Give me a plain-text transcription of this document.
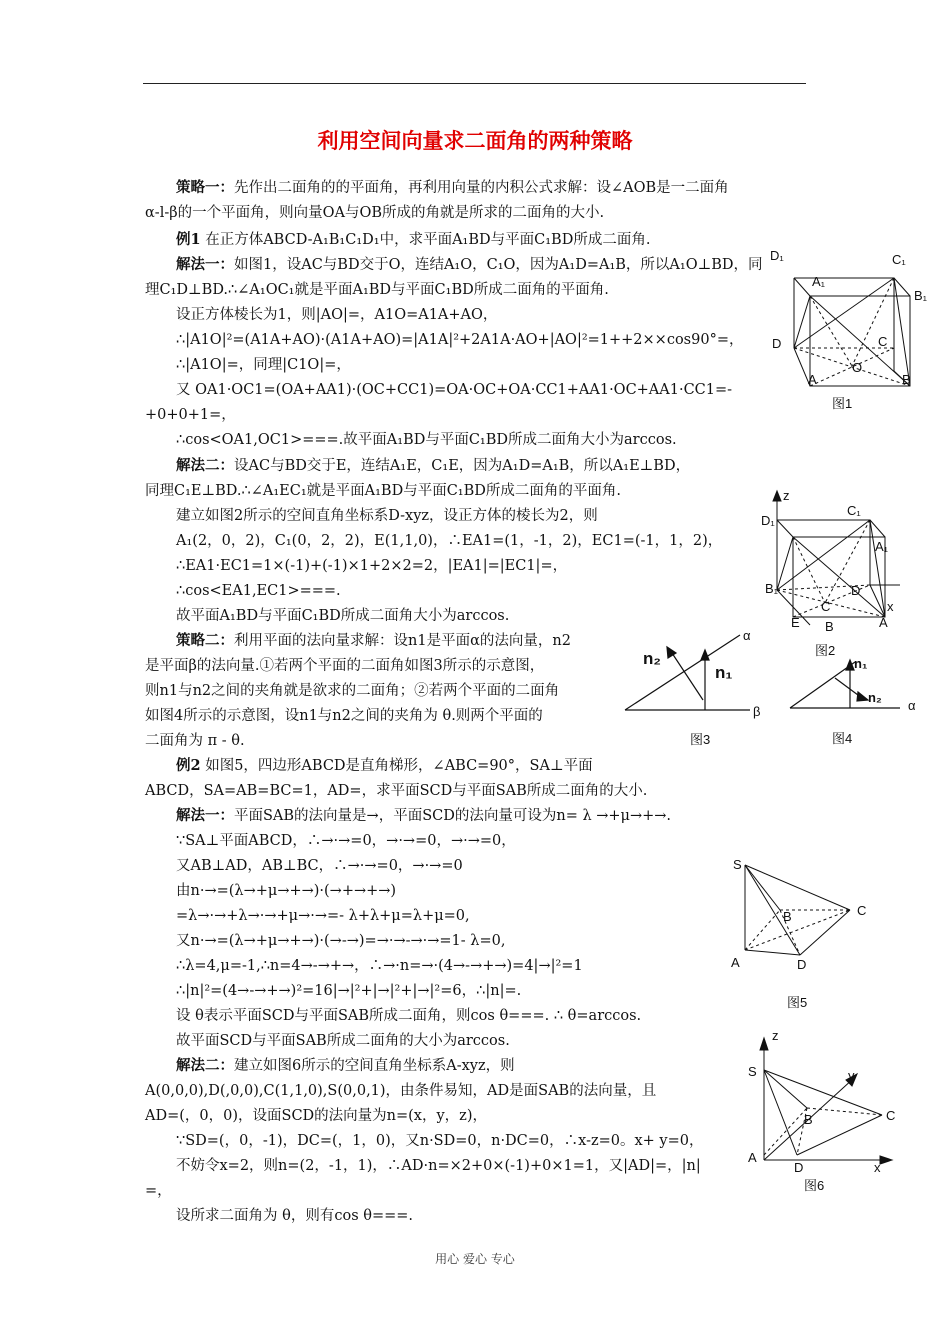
利用空间向量求二面角的两种策略
策略一：先作出二面角的的平面角，再利用向量的内积公式求解：设∠AOB是一二面角
α-l-β的一个平面角，则向量OA与OB所成的角就是所求的二面角的大小.
例1 在正方体ABCD-A₁B₁C₁D₁中，求平面A₁BD与平面C₁BD所成二面角.
解法一：如图1，设AC与BD交于O，连结A₁O，C₁O，因为A₁D=A₁B，所以A₁O⊥BD，同
理C₁D⊥BD.∴∠A₁OC₁就是平面A₁BD与平面C₁BD所成二面角的平面角.
设正方体棱长为1，则|AO|=，A1O=A1A+AO，
∴|A1O|²=(A1A+AO)·(A1A+AO)=|A1A|²+2A1A·AO+|AO|²=1++2××cos90°=，
∴|A1O|=，同理|C1O|=，
又 OA1·OC1=(OA+AA1)·(OC+CC1)=OA·OC+OA·CC1+AA1·OC+AA1·CC1=-
+0+0+1=，
∴cos<OA1,OC1>===.故平面A₁BD与平面C₁BD所成二面角大小为arccos.
解法二：设AC与BD交于E，连结A₁E，C₁E，因为A₁D=A₁B，所以A₁E⊥BD，
同理C₁E⊥BD.∴∠A₁EC₁就是平面A₁BD与平面C₁BD所成二面角的平面角.
建立如图2所示的空间直角坐标系D-xyz，设正方体的棱长为2，则
A₁(2，0，2)，C₁(0，2，2)，E(1,1,0)，∴EA1=(1，-1，2)，EC1=(-1，1，2)，
∴EA1·EC1=1×(-1)+(-1)×1+2×2=2，|EA1|=|EC1|=，
∴cos<EA1,EC1>===.
故平面A₁BD与平面C₁BD所成二面角大小为arccos.
策略二：利用平面的法向量求解：设n1是平面α的法向量，n2
是平面β的法向量.①若两个平面的二面角如图3所示的示意图，
则n1与n2之间的夹角就是欲求的二面角；②若两个平面的二面角
如图4所示的示意图，设n1与n2之间的夹角为 θ.则两个平面的
二面角为 π - θ.
例2 如图5，四边形ABCD是直角梯形，∠ABC=90°，SA⊥平面
ABCD，SA=AB=BC=1，AD=，求平面SCD与平面SAB所成二面角的大小.
解法一：平面SAB的法向量是→，平面SCD的法向量可设为n= λ →+μ→+→.
∵SA⊥平面ABCD，∴→·→=0，→·→=0，→·→=0，
又AB⊥AD，AB⊥BC，∴→·→=0，→·→=0
由n·→=(λ→+μ→+→)·(→+→+→)
=λ→·→+λ→·→+μ→·→=- λ+λ+μ=λ+μ=0,
又n·→=(λ→+μ→+→)·(→-→)=→·→-→·→=1- λ=0,
∴λ=4,μ=-1,∴n=4→-→+→，∴→·n=→·(4→-→+→)=4|→|²=1
∴|n|²=(4→-→+→)²=16|→|²+|→|²+|→|²=6，∴|n|=.
设 θ表示平面SCD与平面SAB所成二面角，则cos θ===. ∴ θ=arccos.
故平面SCD与平面SAB所成二面角的大小为arccos.
解法二：建立如图6所示的空间直角坐标系A-xyz，则
A(0,0,0),D(,0,0),C(1,1,0),S(0,0,1)，由条件易知，AD是面SAB的法向量，且
AD=(，0，0)，设面SCD的法向量为n=(x，y，z)，
∵SD=(，0，-1)，DC=(，1，0)，又n·SD=0，n·DC=0，∴x-z=0。x+ y=0，
不妨令x=2，则n=(2，-1，1)，∴AD·n=×2+0×(-1)+0×1=1，又|AD|=，|n|
=，
设所求二面角为 θ，则有cos θ===.
D₁	C₁
A₁
B₁
D	C
O
A	B
图1
z
D₁
C₁
A₁
B₁	D
C
E	A
B
x
图2
n₂
n₁
α
β
图3
n₁
n₂
α
图4
S
B	C
A	D
图5
z
S	y
B	C
A
D	x
图6
用心 爱心 专心
